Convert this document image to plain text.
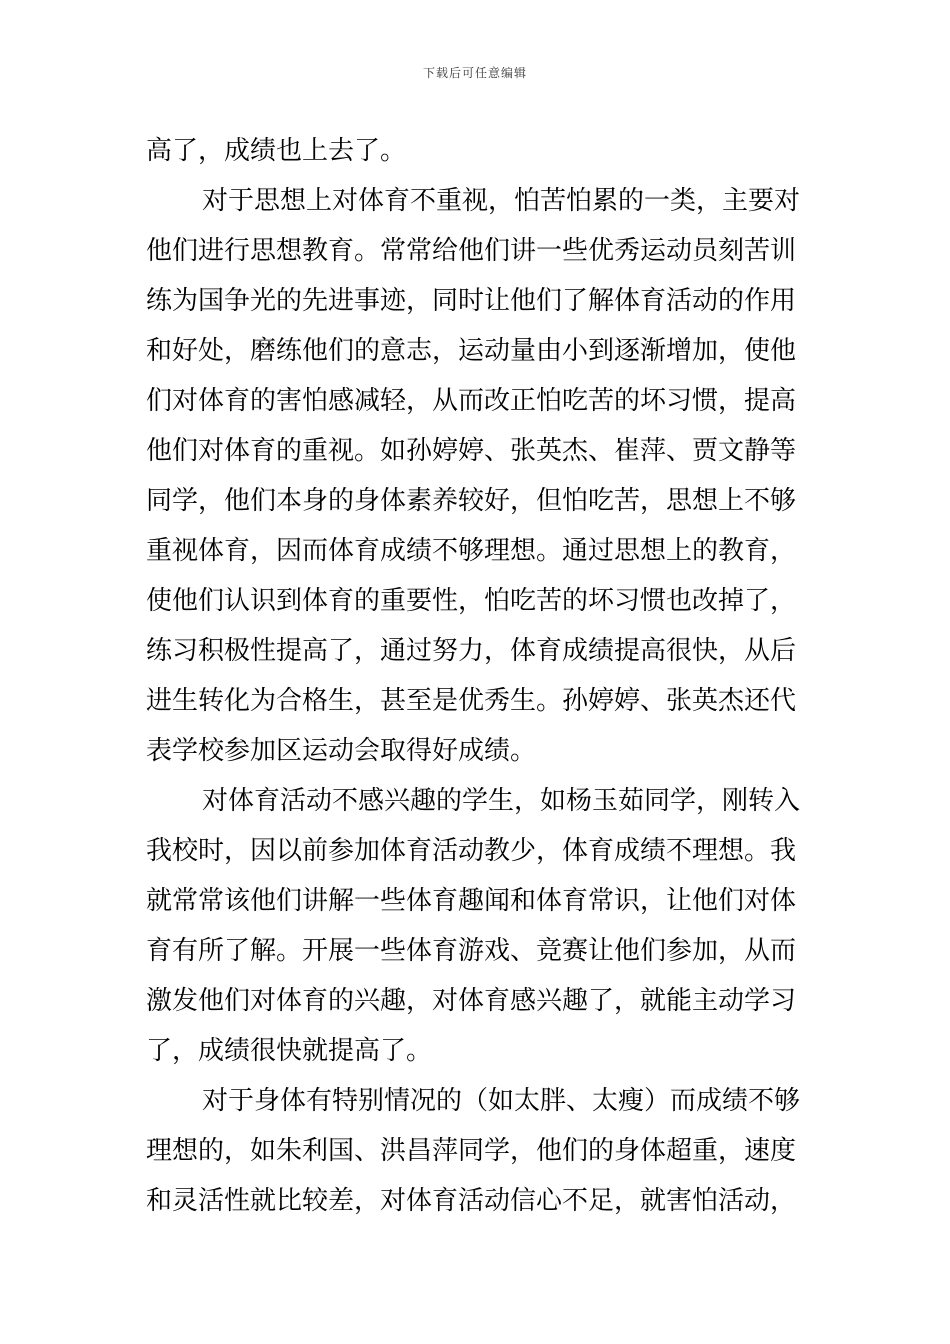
下载后可任意编辑
高了，成绩也上去了。
对于思想上对体育不重视，怕苦怕累的一类，主要对
他们进行思想教育。常常给他们讲一些优秀运动员刻苦训
练为国争光的先进事迹，同时让他们了解体育活动的作用
和好处，磨练他们的意志，运动量由小到逐渐增加，使他
们对体育的害怕感减轻，从而改正怕吃苦的坏习惯，提高
他们对体育的重视。如孙婷婷、张英杰、崔萍、贾文静等
同学，他们本身的身体素养较好，但怕吃苦，思想上不够
重视体育，因而体育成绩不够理想。通过思想上的教育，
使他们认识到体育的重要性，怕吃苦的坏习惯也改掉了，
练习积极性提高了，通过努力，体育成绩提高很快，从后
进生转化为合格生，甚至是优秀生。孙婷婷、张英杰还代
表学校参加区运动会取得好成绩。
对体育活动不感兴趣的学生，如杨玉茹同学，刚转入
我校时，因以前参加体育活动教少，体育成绩不理想。我
就常常该他们讲解一些体育趣闻和体育常识，让他们对体
育有所了解。开展一些体育游戏、竞赛让他们参加，从而
激发他们对体育的兴趣，对体育感兴趣了，就能主动学习
了，成绩很快就提高了。
对于身体有特别情况的（如太胖、太瘦）而成绩不够
理想的，如朱利国、洪昌萍同学，他们的身体超重，速度
和灵活性就比较差，对体育活动信心不足，就害怕活动，
